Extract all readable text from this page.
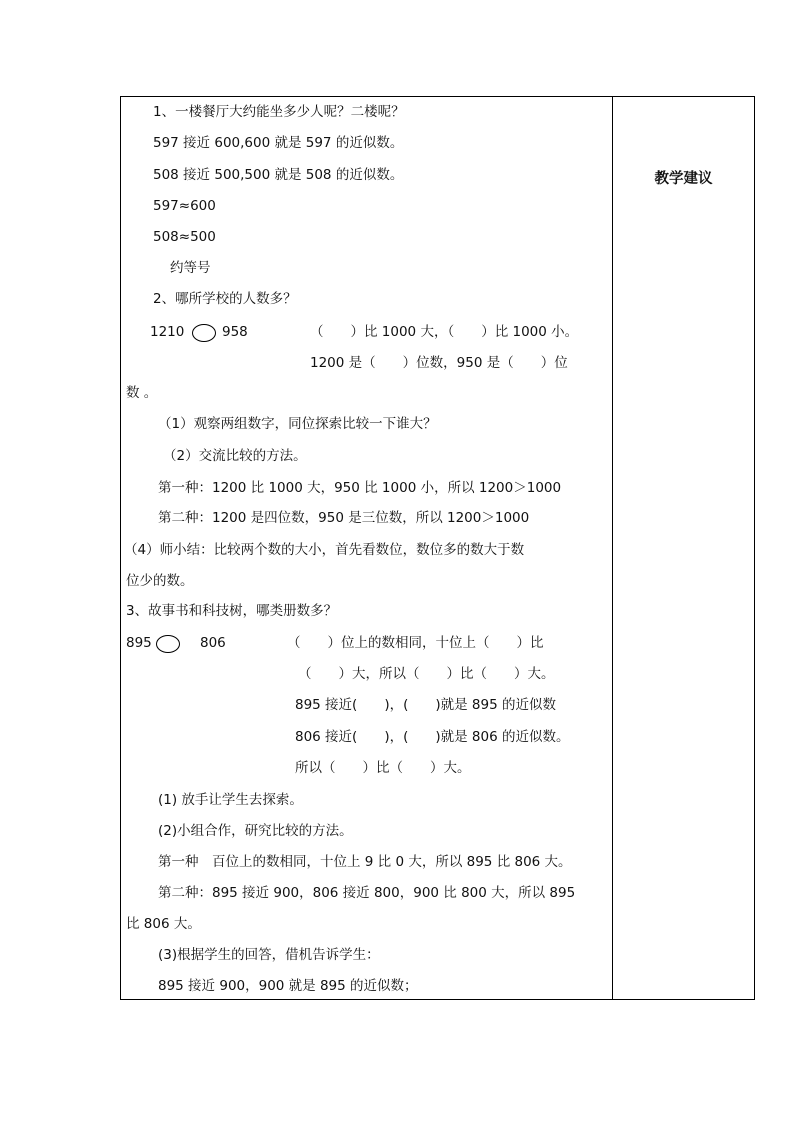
教学建议
1、一楼餐厅大约能坐多少人呢？二楼呢？
597 接近 600,600 就是 597 的近似数。
508 接近 500,500 就是 508 的近似数。
597≈600
508≈500
约等号
2、哪所学校的人数多？
1210	958	（　　）比 1000 大，（　　）比 1000 小。
1200 是（　　）位数，950 是（　　）位
数 。
（1）观察两组数字，同位探索比较一下谁大？
（2）交流比较的方法。
第一种：1200 比 1000 大，950 比 1000 小，所以 1200＞1000
第二种：1200 是四位数，950 是三位数，所以 1200＞1000
（4）师小结：比较两个数的大小，首先看数位，数位多的数大于数
位少的数。
3、故事书和科技树，哪类册数多？
895	806	（　　）位上的数相同，十位上（　　）比
（　　）大，所以（　　）比（　　）大。
895 接近(　　)，(　　)就是 895 的近似数
806 接近(　　)，(　　)就是 806 的近似数。
所以（　　）比（　　）大。
(1) 放手让学生去探索。
(2)小组合作，研究比较的方法。
第一种　百位上的数相同，十位上 9 比 0 大，所以 895 比 806 大。
第二种：895 接近 900，806 接近 800，900 比 800 大，所以 895
比 806 大。
(3)根据学生的回答，借机告诉学生：
895 接近 900，900 就是 895 的近似数；
